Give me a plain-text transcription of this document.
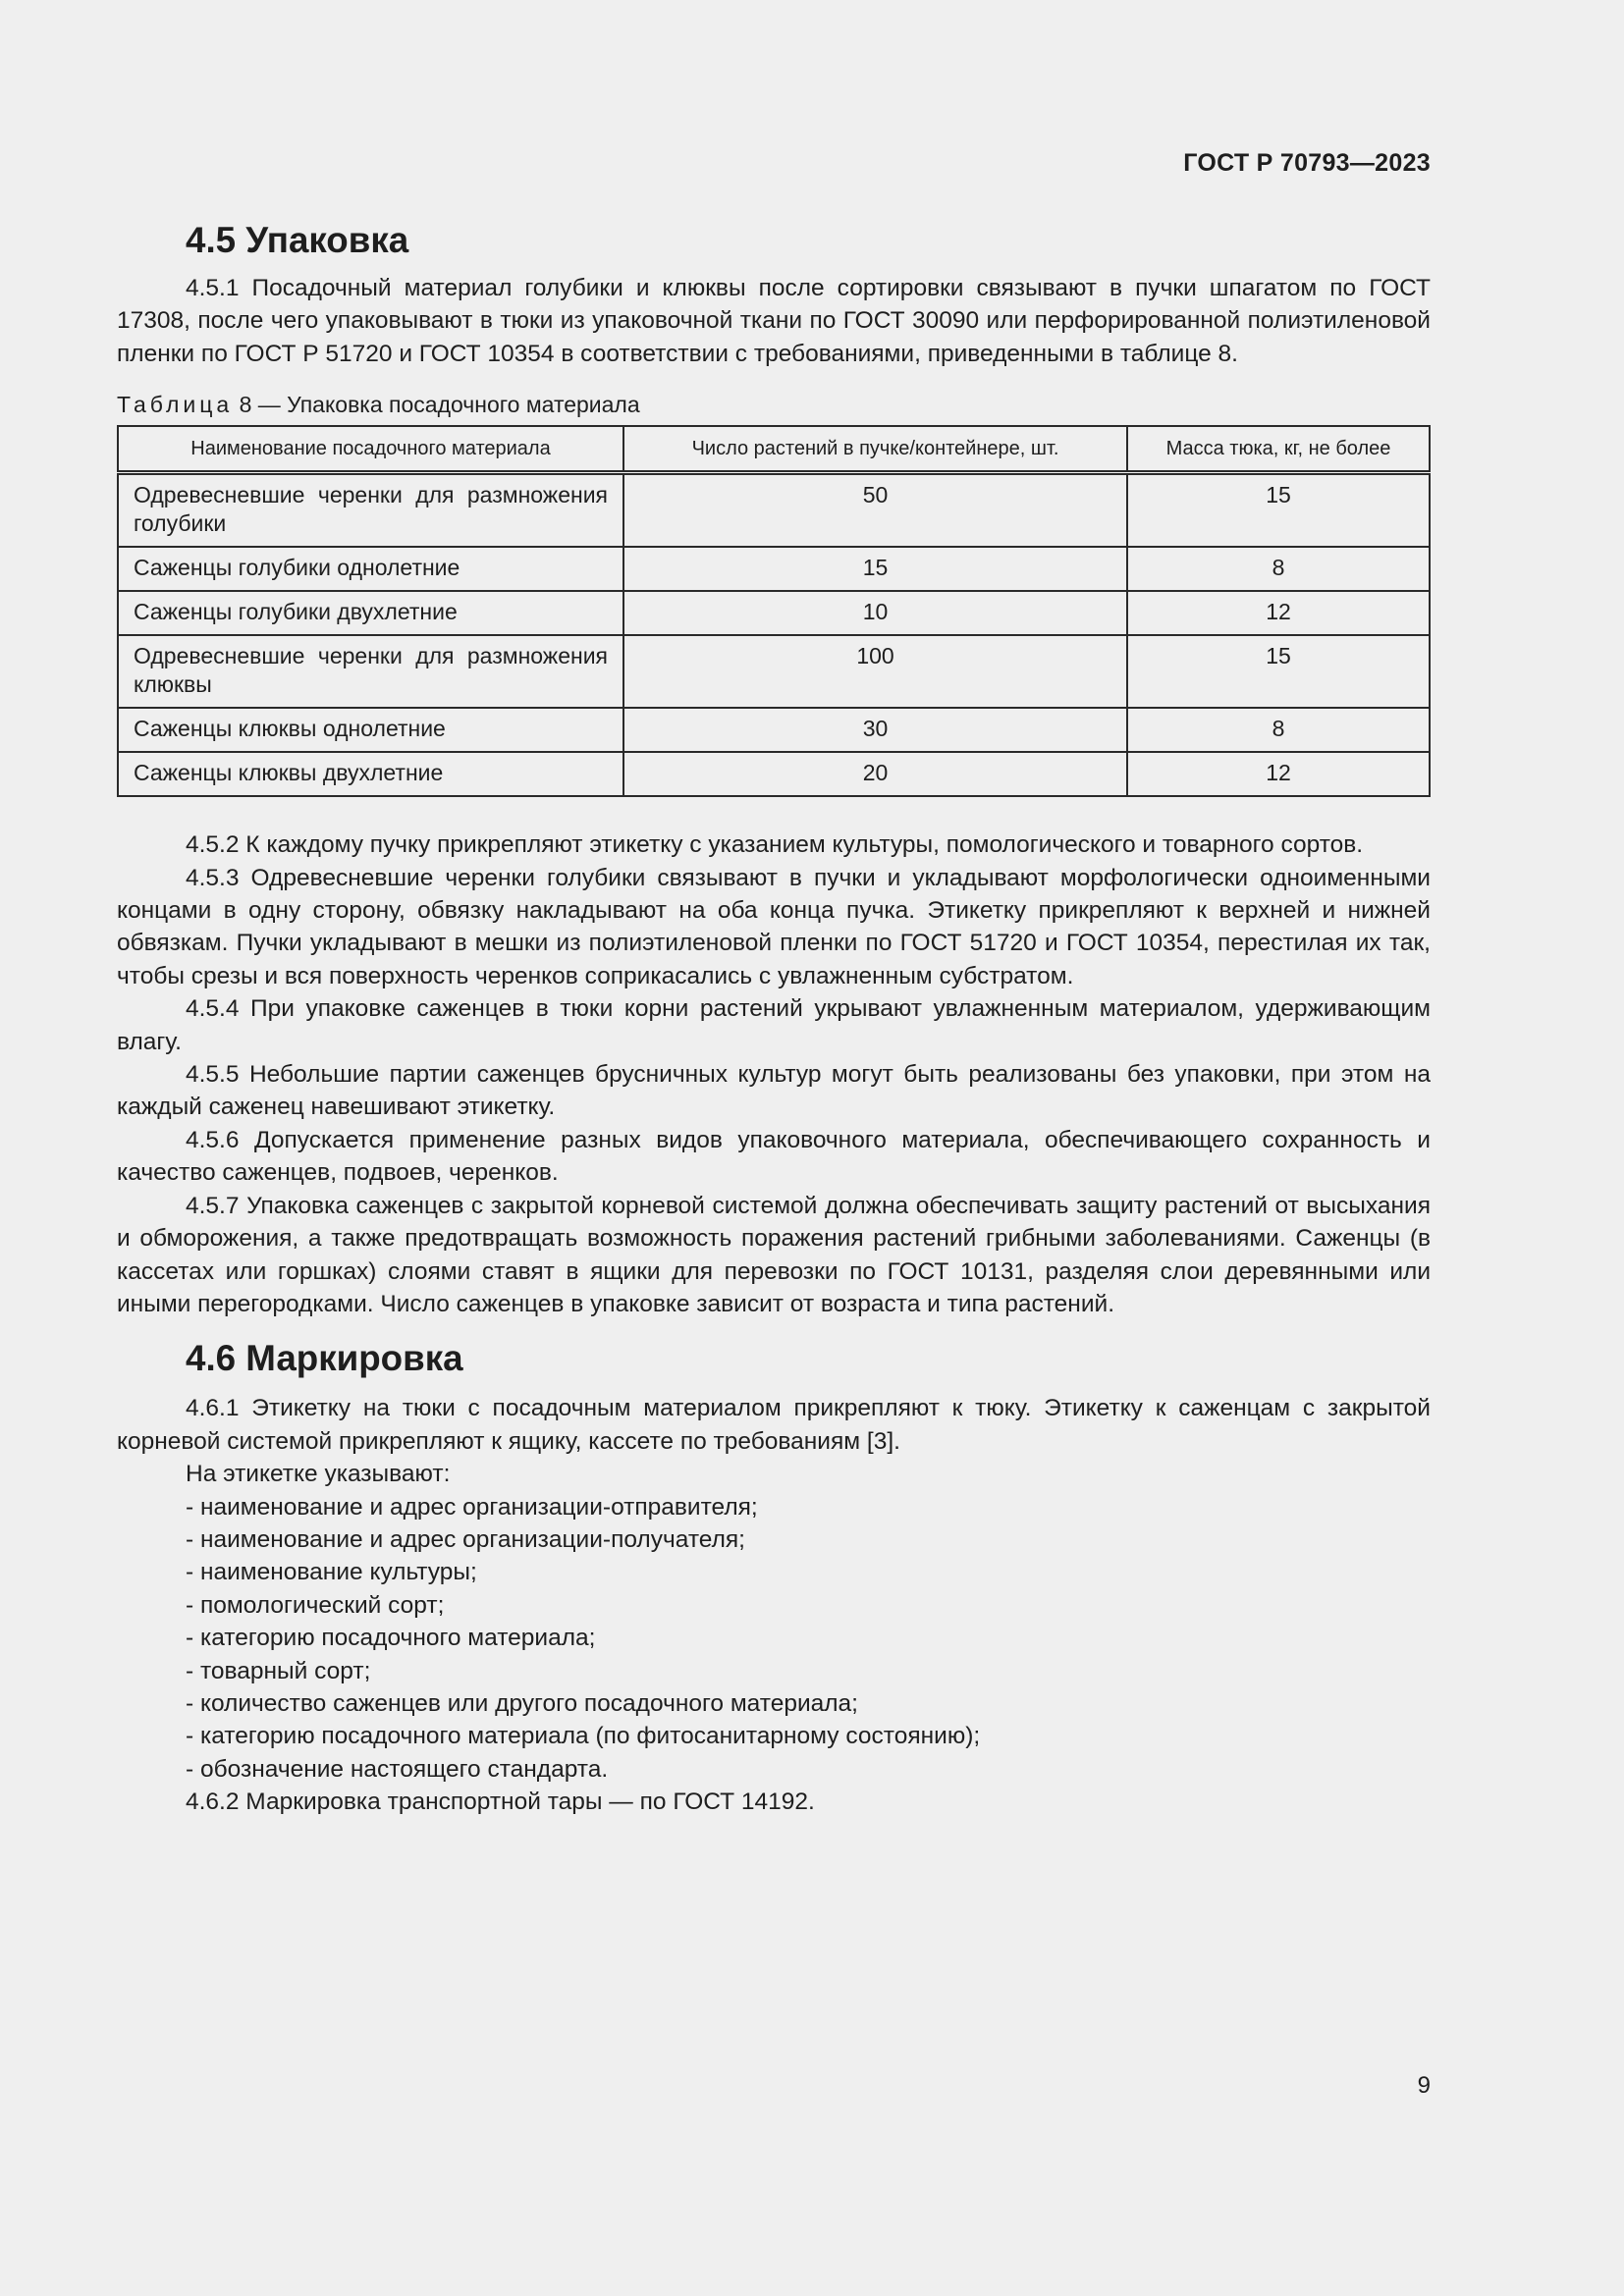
ГОСТ Р 70793—2023
4.5 Упаковка

4.5.1 Посадочный материал голубики и клюквы после сортировки связывают в пучки шпагатом по ГОСТ 17308, после чего упаковывают в тюки из упаковочной ткани по ГОСТ 30090 или перфорированной полиэтиленовой пленки по ГОСТ Р 51720 и ГОСТ 10354 в соответствии с требованиями, приведенными в таблице 8.

Таблица 8 — Упаковка посадочного материала
Наименование посадочного материала	Число растений в пучке/контейнере, шт.	Масса тюка, кг, не более
Одревесневшие черенки для размножения голубики	50	15
Саженцы голубики однолетние	15	8
Саженцы голубики двухлетние	10	12
Одревесневшие черенки для размножения клюквы	100	15
Саженцы клюквы однолетние	30	8
Саженцы клюквы двухлетние	20	12

4.5.2 К каждому пучку прикрепляют этикетку с указанием культуры, помологического и товарного сортов.

4.5.3 Одревесневшие черенки голубики связывают в пучки и укладывают морфологически одноименными концами в одну сторону, обвязку накладывают на оба конца пучка. Этикетку прикрепляют к верхней и нижней обвязкам. Пучки укладывают в мешки из полиэтиленовой пленки по ГОСТ 51720 и ГОСТ 10354, перестилая их так, чтобы срезы и вся поверхность черенков соприкасались с увлажненным субстратом.

4.5.4 При упаковке саженцев в тюки корни растений укрывают увлажненным материалом, удерживающим влагу.

4.5.5 Небольшие партии саженцев брусничных культур могут быть реализованы без упаковки, при этом на каждый саженец навешивают этикетку.

4.5.6 Допускается применение разных видов упаковочного материала, обеспечивающего сохранность и качество саженцев, подвоев, черенков.

4.5.7 Упаковка саженцев с закрытой корневой системой должна обеспечивать защиту растений от высыхания и обморожения, а также предотвращать возможность поражения растений грибными заболеваниями. Саженцы (в кассетах или горшках) слоями ставят в ящики для перевозки по ГОСТ 10131, разделяя слои деревянными или иными перегородками. Число саженцев в упаковке зависит от возраста и типа растений.

4.6 Маркировка

4.6.1 Этикетку на тюки с посадочным материалом прикрепляют к тюку. Этикетку к саженцам с закрытой корневой системой прикрепляют к ящику, кассете по требованиям [3].

На этикетке указывают:
- наименование и адрес организации-отправителя;
- наименование и адрес организации-получателя;
- наименование культуры;
- помологический сорт;
- категорию посадочного материала;
- товарный сорт;
- количество саженцев или другого посадочного материала;
- категорию посадочного материала (по фитосанитарному состоянию);
- обозначение настоящего стандарта.
4.6.2 Маркировка транспортной тары — по ГОСТ 14192.
9
